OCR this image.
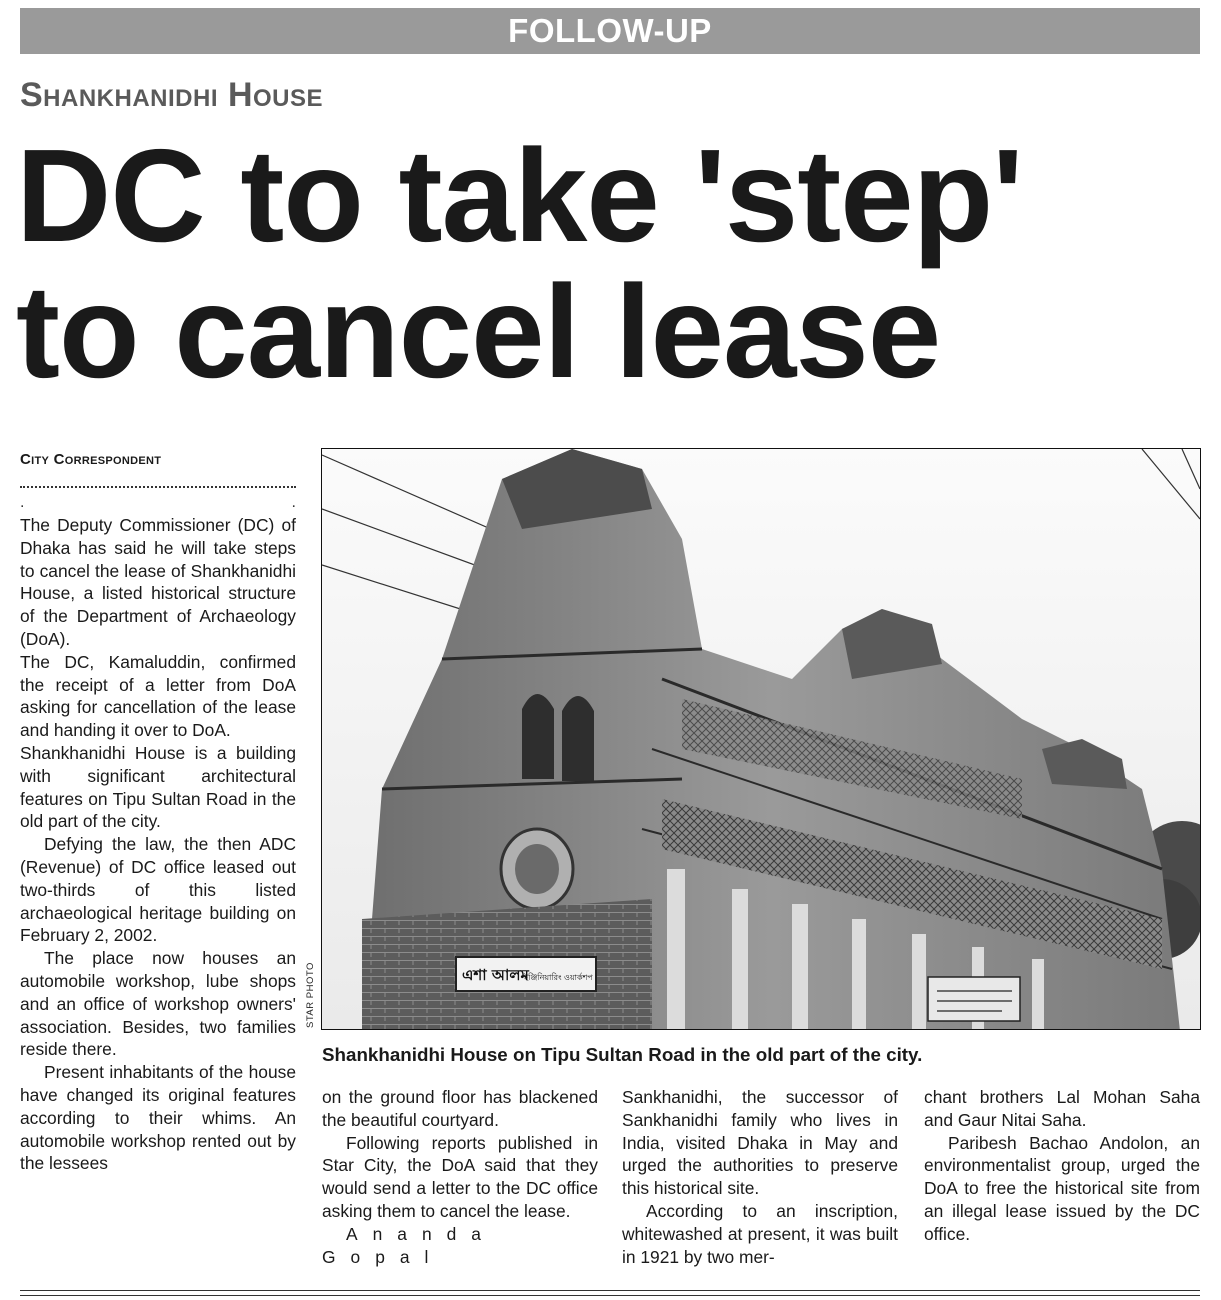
FOLLOW-UP
Shankhanidhi House
DC to take 'step'
to cancel lease
City Correspondent
.	.

The Deputy Commissioner (DC) of Dhaka has said he will take steps to cancel the lease of Shankhanidhi House, a listed historical structure of the Department of Archaeology (DoA).

The DC, Kamaluddin, confirmed the receipt of a letter from DoA asking for cancellation of the lease and handing it over to DoA.

Shankhanidhi House is a building with significant architectural features on Tipu Sultan Road in the old part of the city.

Defying the law, the then ADC (Revenue) of DC office leased out two-thirds of this listed archaeological heritage building on February 2, 2002.

The place now houses an automobile workshop, lube shops and an office of workshop owners' association. Besides, two families reside there.

Present inhabitants of the house have changed its original features according to their whims. An automobile workshop rented out by the lessees

এশা আলম
ইঞ্জিনিয়ারিং ওয়ার্কশপ
STAR PHOTO
Shankhanidhi House on Tipu Sultan Road in the old part of the city.

on the ground floor has blackened the beautiful courtyard.

Following reports published in Star City, the DoA said that they would send a letter to the DC office asking them to cancel the lease.

Ananda Gopal

Sankhanidhi, the successor of Sankhanidhi family who lives in India, visited Dhaka in May and urged the authorities to preserve this historical site.

According to an inscription, whitewashed at present, it was built in 1921 by two mer-

chant brothers Lal Mohan Saha and Gaur Nitai Saha.

Paribesh Bachao Andolon, an environmentalist group, urged the DoA to free the historical site from an illegal lease issued by the DC office.
